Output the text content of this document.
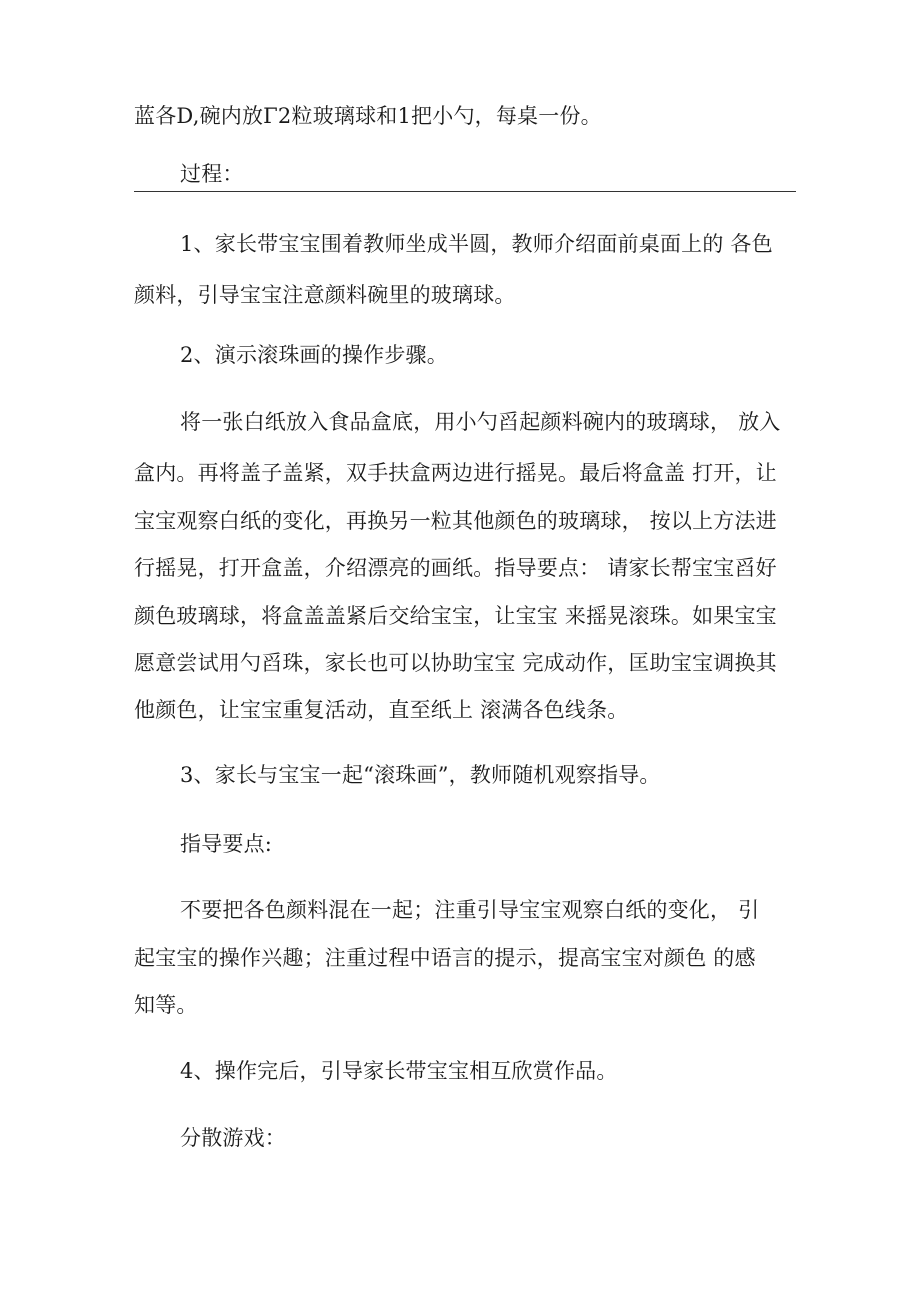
蓝各D,碗内放Γ2粒玻璃球和1把小勺，每桌一份。
过程：
1、家长带宝宝围着教师坐成半圆，教师介绍面前桌面上的 各色
颜料，引导宝宝注意颜料碗里的玻璃球。
2、演示滚珠画的操作步骤。
将一张白纸放入食品盒底，用小勺舀起颜料碗内的玻璃球， 放入
盒内。再将盖子盖紧，双手扶盒两边进行摇晃。最后将盒盖 打开，让
宝宝观察白纸的变化，再换另一粒其他颜色的玻璃球， 按以上方法进
行摇晃，打开盒盖，介绍漂亮的画纸。指导要点： 请家长帮宝宝舀好
颜色玻璃球，将盒盖盖紧后交给宝宝，让宝宝 来摇晃滚珠。如果宝宝
愿意尝试用勺舀珠，家长也可以协助宝宝 完成动作，匡助宝宝调换其
他颜色，让宝宝重复活动，直至纸上 滚满各色线条。
3、家长与宝宝一起“滚珠画”，教师随机观察指导。
指导要点:
不要把各色颜料混在一起；注重引导宝宝观察白纸的变化， 引
起宝宝的操作兴趣；注重过程中语言的提示，提高宝宝对颜色 的感
知等。
4、操作完后，引导家长带宝宝相互欣赏作品。
分散游戏：
